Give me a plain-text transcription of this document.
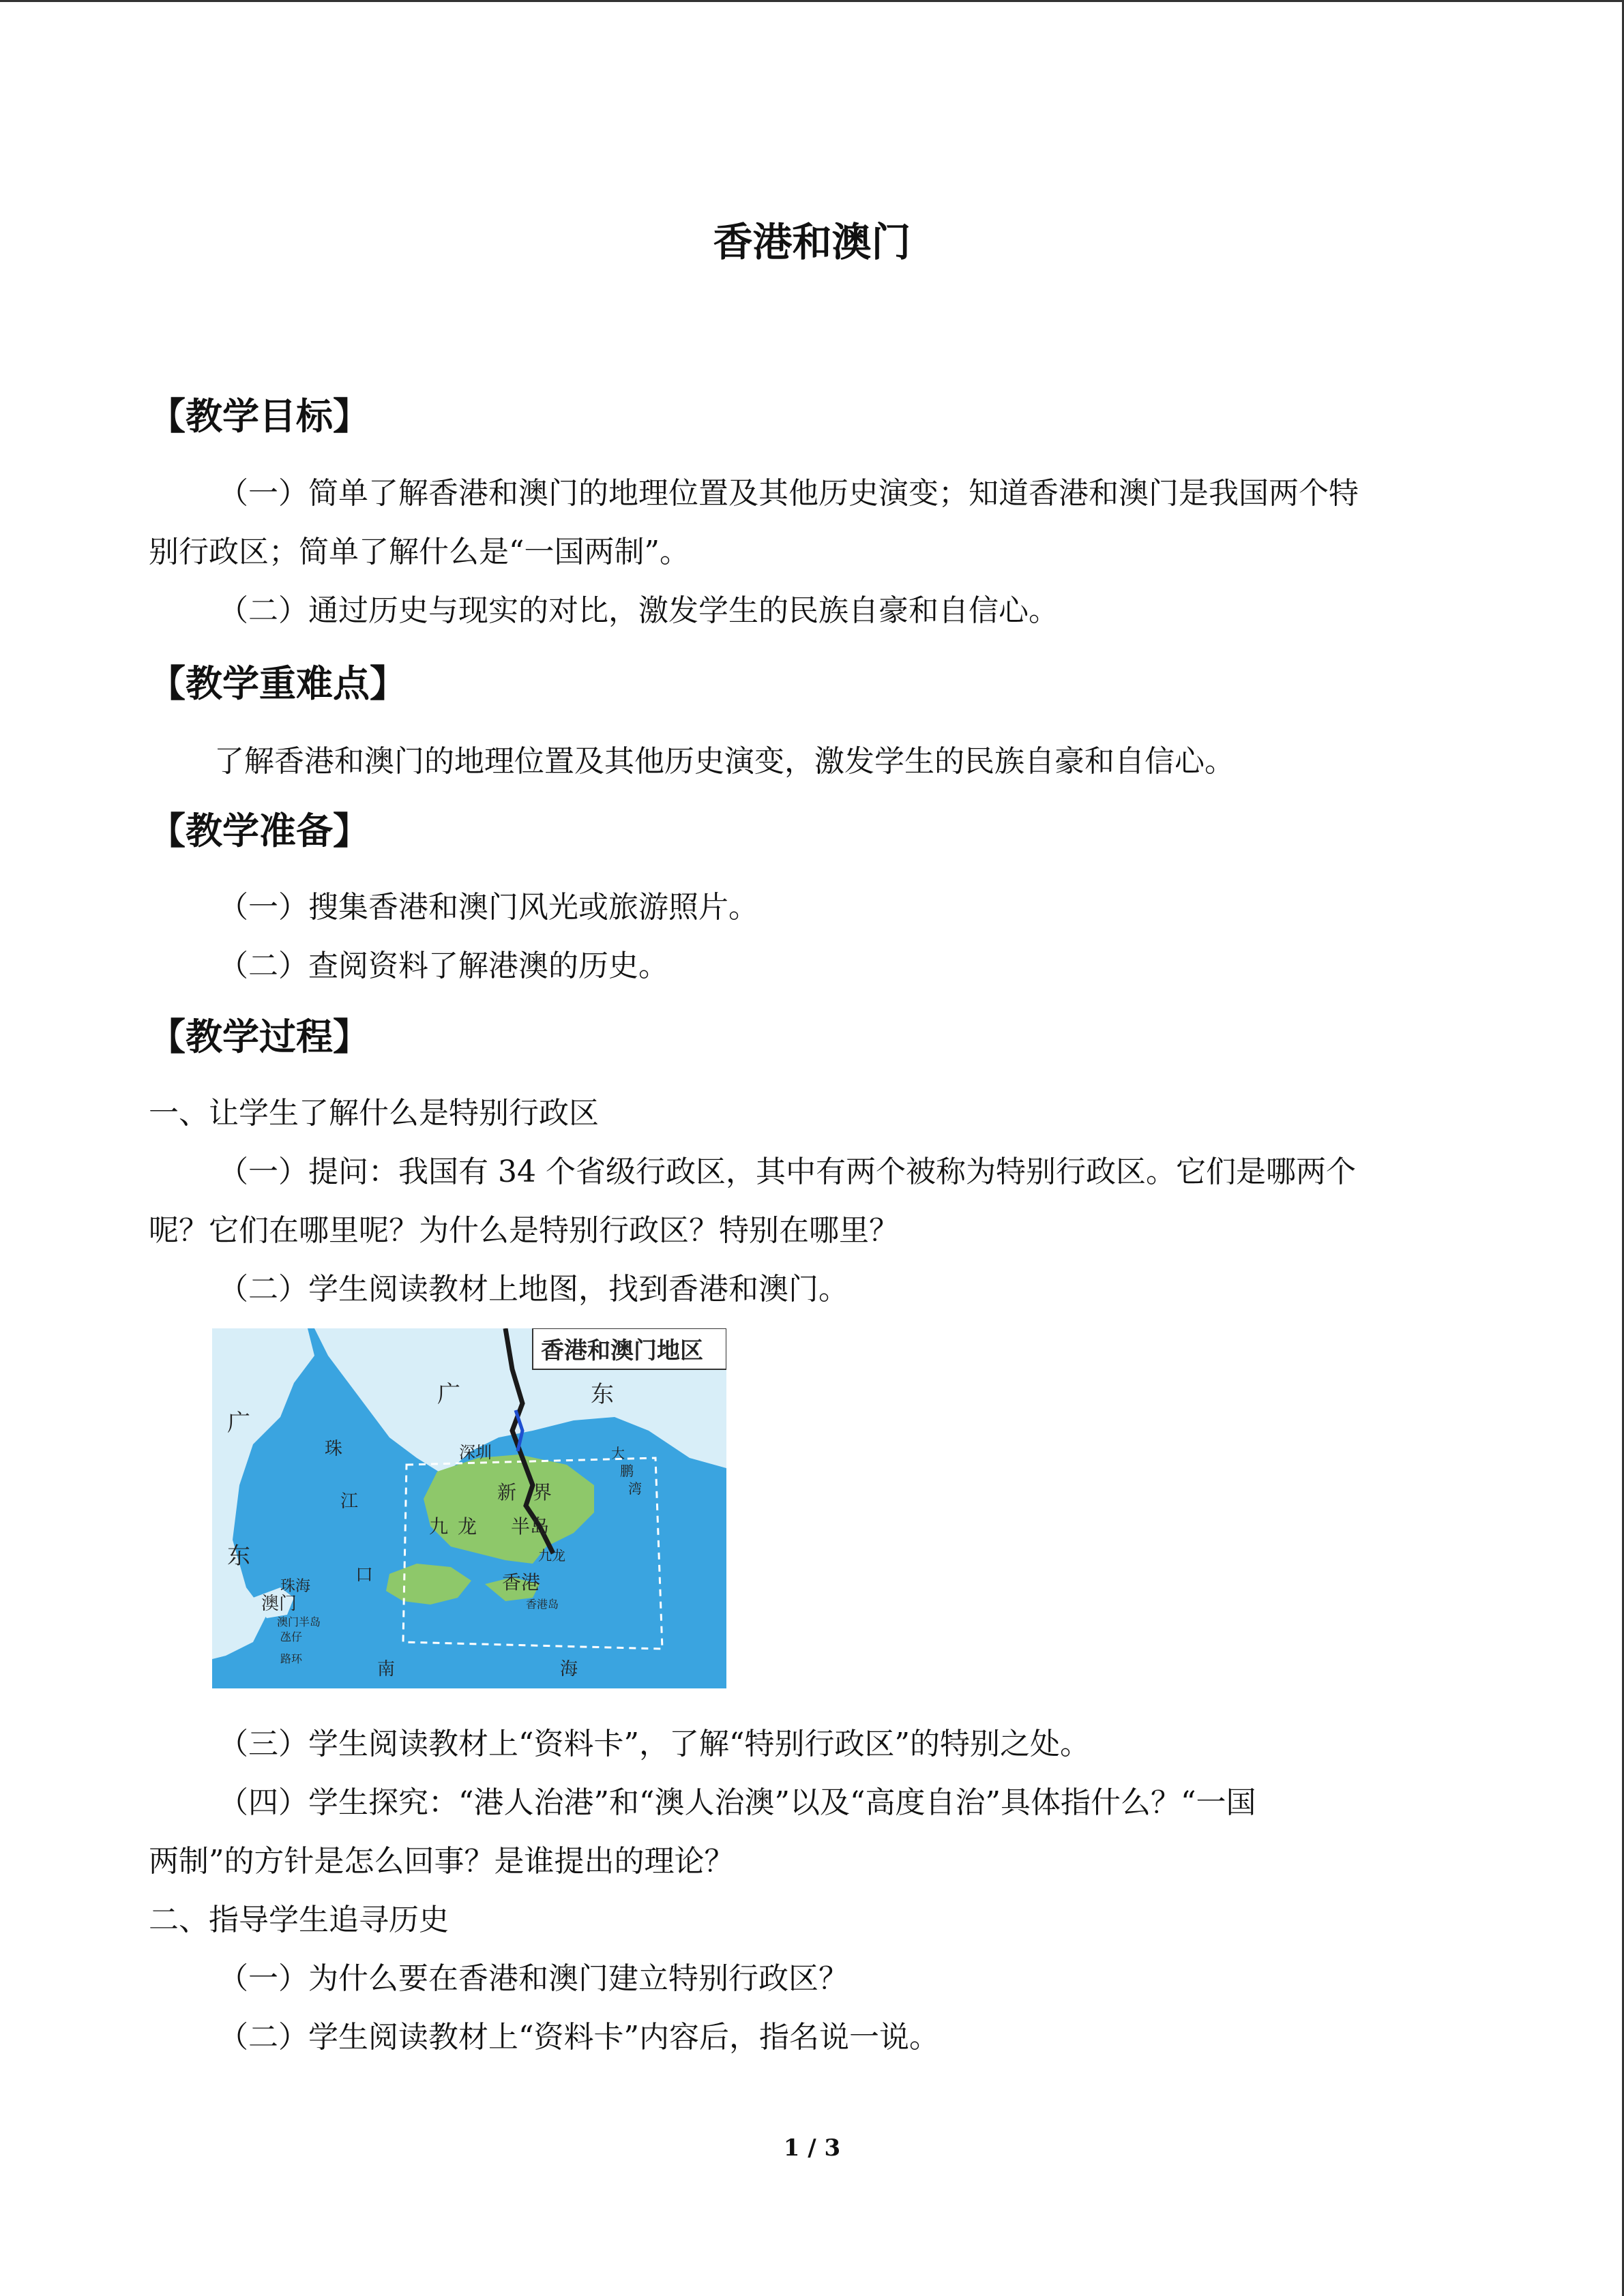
香港和澳门
【教学目标】
（一）简单了解香港和澳门的地理位置及其他历史演变；知道香港和澳门是我国两个特
别行政区；简单了解什么是“一国两制”。
（二）通过历史与现实的对比，激发学生的民族自豪和自信心。
【教学重难点】
了解香港和澳门的地理位置及其他历史演变，激发学生的民族自豪和自信心。
【教学准备】
（一）搜集香港和澳门风光或旅游照片。
（二）查阅资料了解港澳的历史。
【教学过程】
一、让学生了解什么是特别行政区
（一）提问：我国有 34 个省级行政区，其中有两个被称为特别行政区。它们是哪两个
呢？它们在哪里呢？为什么是特别行政区？特别在哪里？
（二）学生阅读教材上地图，找到香港和澳门。
香港和澳门地区
广
东
广	东
珠
江
口
深圳
新 界
九 龙 半岛
九龙
香港
香港岛
珠海
澳门
澳门半岛
氹仔
路环
南	海
大
鹏
湾
（三）学生阅读教材上“资料卡”，了解“特别行政区”的特别之处。
（四）学生探究：“港人治港”和“澳人治澳”以及“高度自治”具体指什么？“一国
两制”的方针是怎么回事？是谁提出的理论？
二、指导学生追寻历史
（一）为什么要在香港和澳门建立特别行政区？
（二）学生阅读教材上“资料卡”内容后，指名说一说。
1 / 3
